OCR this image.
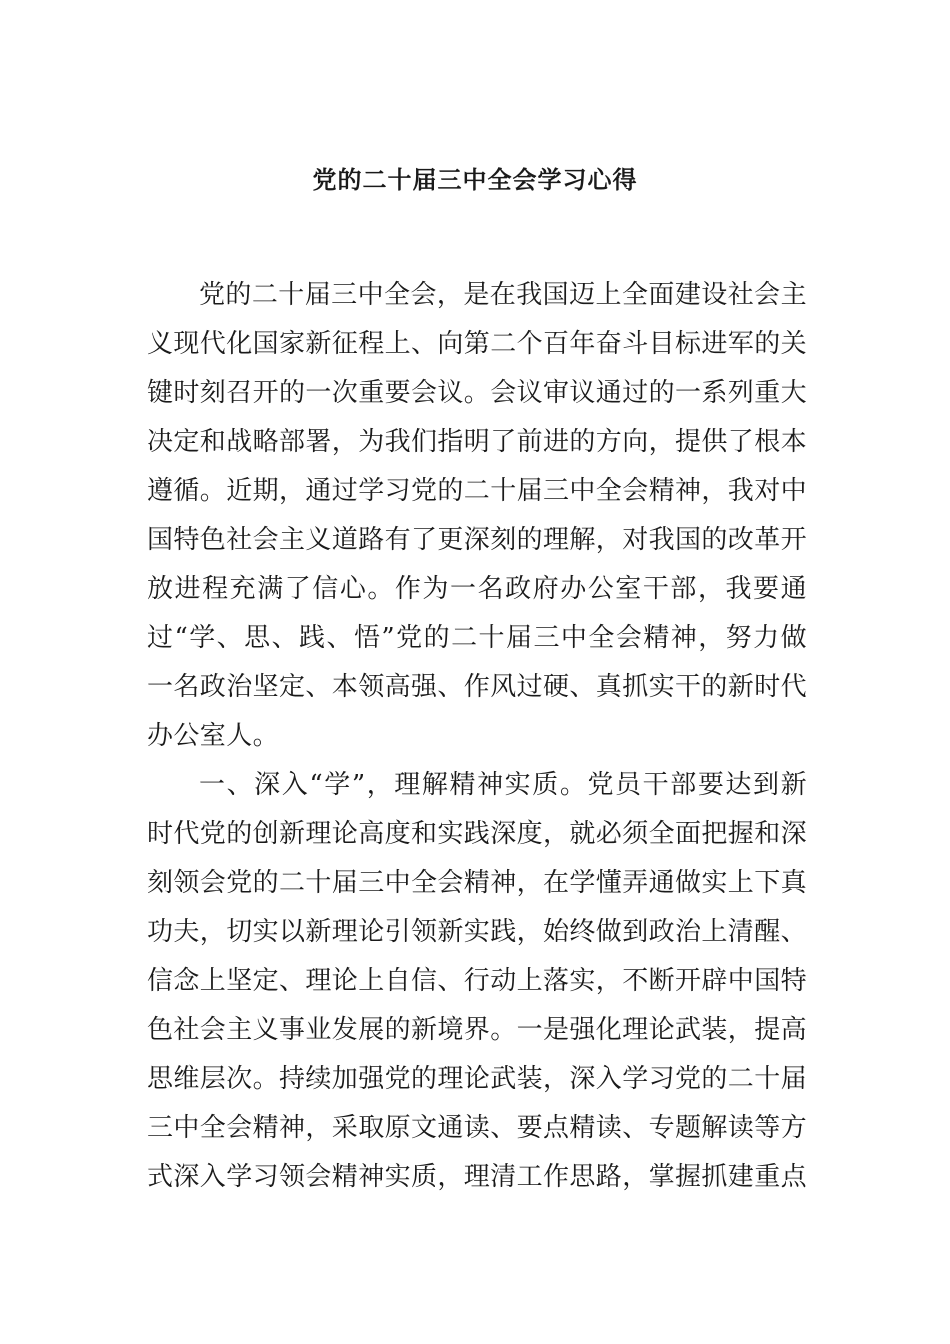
党的二十届三中全会学习心得

党的二十届三中全会，是在我国迈上全面建设社会主义现代化国家新征程上、向第二个百年奋斗目标进军的关键时刻召开的一次重要会议。会议审议通过的一系列重大决定和战略部署，为我们指明了前进的方向，提供了根本遵循。近期，通过学习党的二十届三中全会精神，我对中国特色社会主义道路有了更深刻的理解，对我国的改革开放进程充满了信心。作为一名政府办公室干部，我要通过“学、思、践、悟”党的二十届三中全会精神，努力做一名政治坚定、本领高强、作风过硬、真抓实干的新时代办公室人。

一、深入“学”，理解精神实质。党员干部要达到新时代党的创新理论高度和实践深度，就必须全面把握和深刻领会党的二十届三中全会精神，在学懂弄通做实上下真功夫，切实以新理论引领新实践，始终做到政治上清醒、信念上坚定、理论上自信、行动上落实，不断开辟中国特色社会主义事业发展的新境界。一是强化理论武装，提高思维层次。持续加强党的理论武装，深入学习党的二十届三中全会精神，采取原文通读、要点精读、专题解读等方式深入学习领会精神实质，理清工作思路，掌握抓建重点
